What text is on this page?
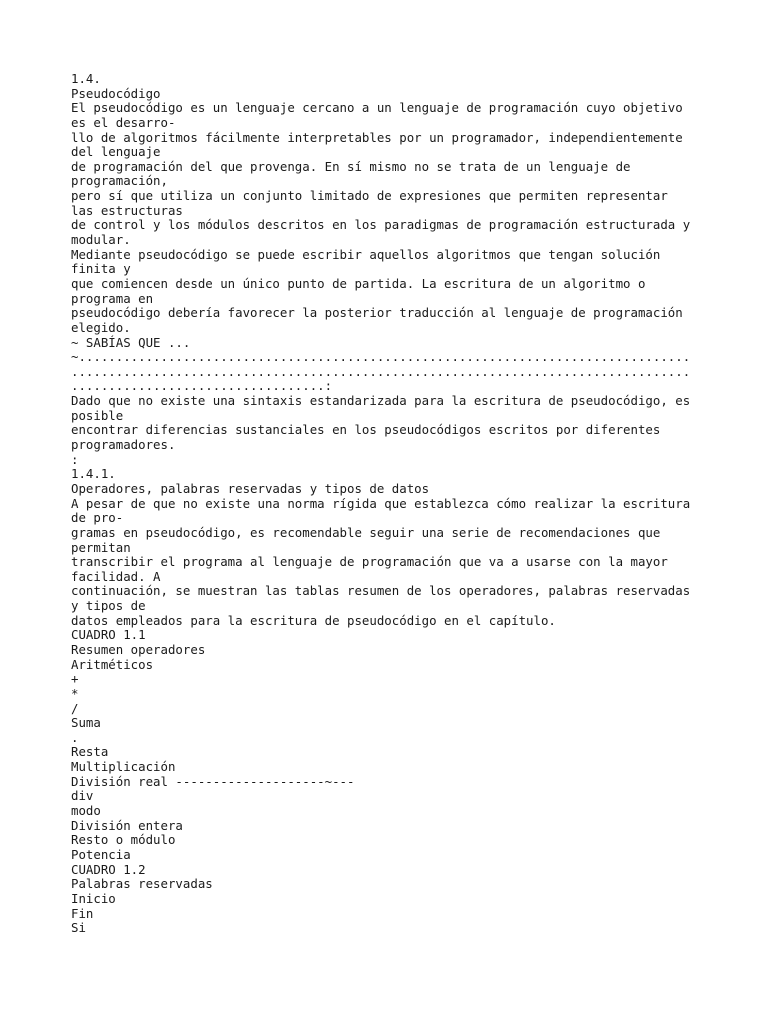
1.4.
Pseudocódigo
El pseudocódigo es un lenguaje cercano a un lenguaje de programación cuyo objetivo
es el desarro-
llo de algoritmos fácilmente interpretables por un programador, independientemente
del lenguaje
de programación del que provenga. En sí mismo no se trata de un lenguaje de
programación,
pero sí que utiliza un conjunto limitado de expresiones que permiten representar
las estructuras
de control y los módulos descritos en los paradigmas de programación estructurada y
modular.
Mediante pseudocódigo se puede escribir aquellos algoritmos que tengan solución
finita y
que comiencen desde un único punto de partida. La escritura de un algoritmo o
programa en
pseudocódigo debería favorecer la posterior traducción al lenguaje de programación
elegido.
~ SABÍAS QUE ...
~..................................................................................
...................................................................................
..................................:
Dado que no existe una sintaxis estandarizada para la escritura de pseudocódigo, es
posible
encontrar diferencias sustanciales en los pseudocódigos escritos por diferentes
programadores.
:
1.4.1.
Operadores, palabras reservadas y tipos de datos
A pesar de que no existe una norma rígida que establezca cómo realizar la escritura
de pro-
gramas en pseudocódigo, es recomendable seguir una serie de recomendaciones que
permitan
transcribir el programa al lenguaje de programación que va a usarse con la mayor
facilidad. A
continuación, se muestran las tablas resumen de los operadores, palabras reservadas
y tipos de
datos empleados para la escritura de pseudocódigo en el capítulo.
CUADRO 1.1
Resumen operadores
Aritméticos
+
*
/
Suma
.
Resta
Multiplicación
División real --------------------~---
div
modo
División entera
Resto o módulo
Potencia
CUADRO 1.2
Palabras reservadas
Inicio
Fin
Si
